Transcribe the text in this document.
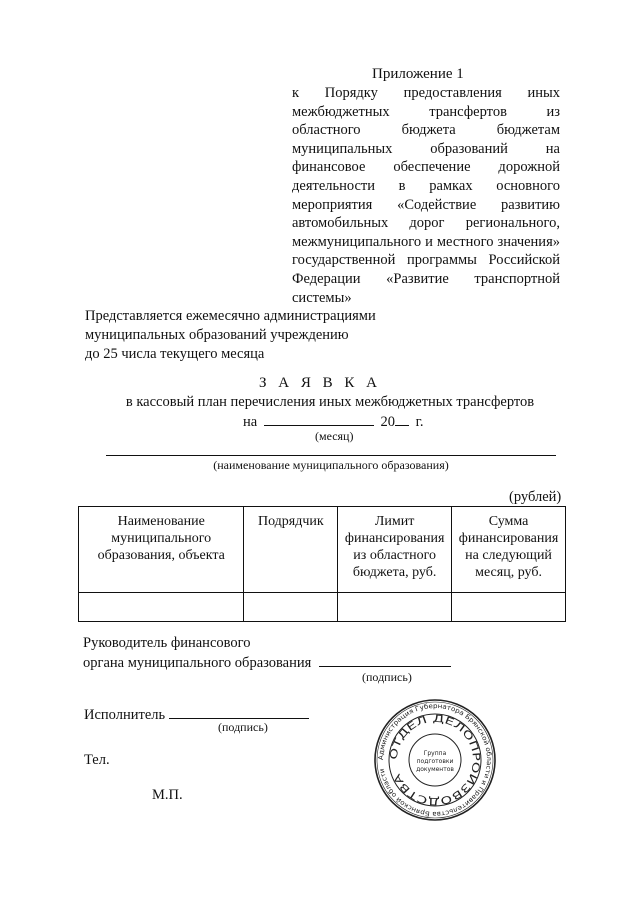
Приложение 1
к Порядку предоставления иных межбюджетных трансфертов из областного бюджета бюджетам муниципальных образований на финансовое обеспечение дорожной деятельности в рамках основного мероприятия «Содействие развитию автомобильных дорог регионального, межмуниципального и местного значения» государственной программы Российской Федерации «Развитие транспортной системы»
Представляется ежемесячно администрациями
муниципальных образований учреждению
до 25 числа текущего месяца
З А Я В К А
в кассовый план перечисления иных межбюджетных трансфертов
на	20 г.
(месяц)
(наименование муниципального образования)
(рублей)
Наименование муниципального образования, объекта	Подрядчик	Лимит финансирования из областного бюджета, руб.	Сумма финансирования на следующий месяц, руб.

Руководитель финансового
органа муниципального образования
(подпись)
Исполнитель
(подпись)
Тел.
М.П.
Администрация Губернатора Брянской области и Правительства Брянской области
ОТДЕЛ ДЕЛОПРОИЗВОДСТВА
Группа
подготовки
документов
